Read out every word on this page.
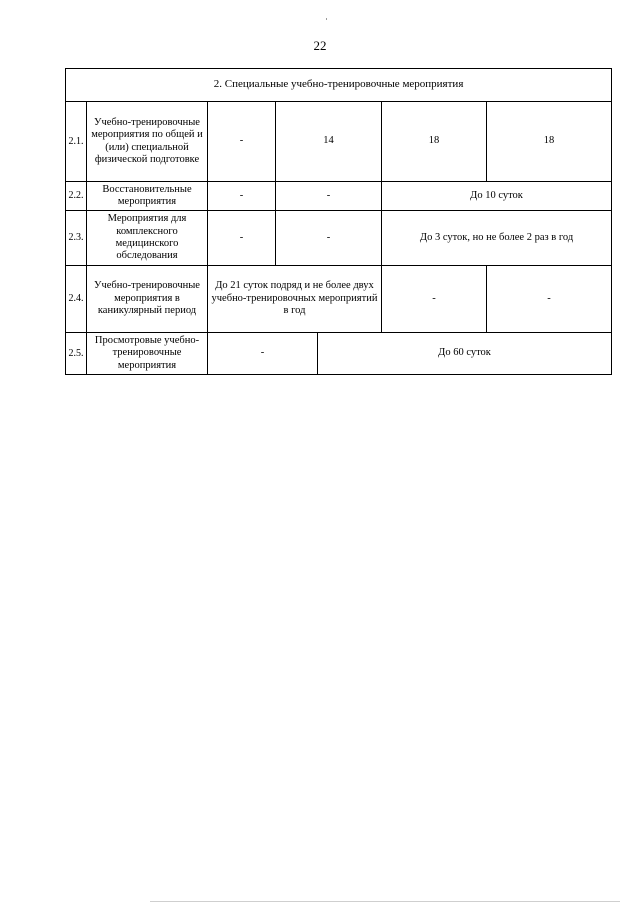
22
2. Специальные учебно-тренировочные мероприятия						
2.1.	Учебно-тренировочные мероприятия по общей и (или) специальной физической подготовке	-	14		18	18
2.2.	Восстановительные мероприятия	-	-		До 10 суток	
2.3.	Мероприятия для комплексного медицинского обследования	-	-		До 3 суток, но не более 2 раз в год	
2.4.	Учебно-тренировочные мероприятия в каникулярный период	До 21 суток подряд и не более двух учебно-тренировочных мероприятий в год			-	-
2.5.	Просмотровые учебно-тренировочные мероприятия	-		До 60 суток		
